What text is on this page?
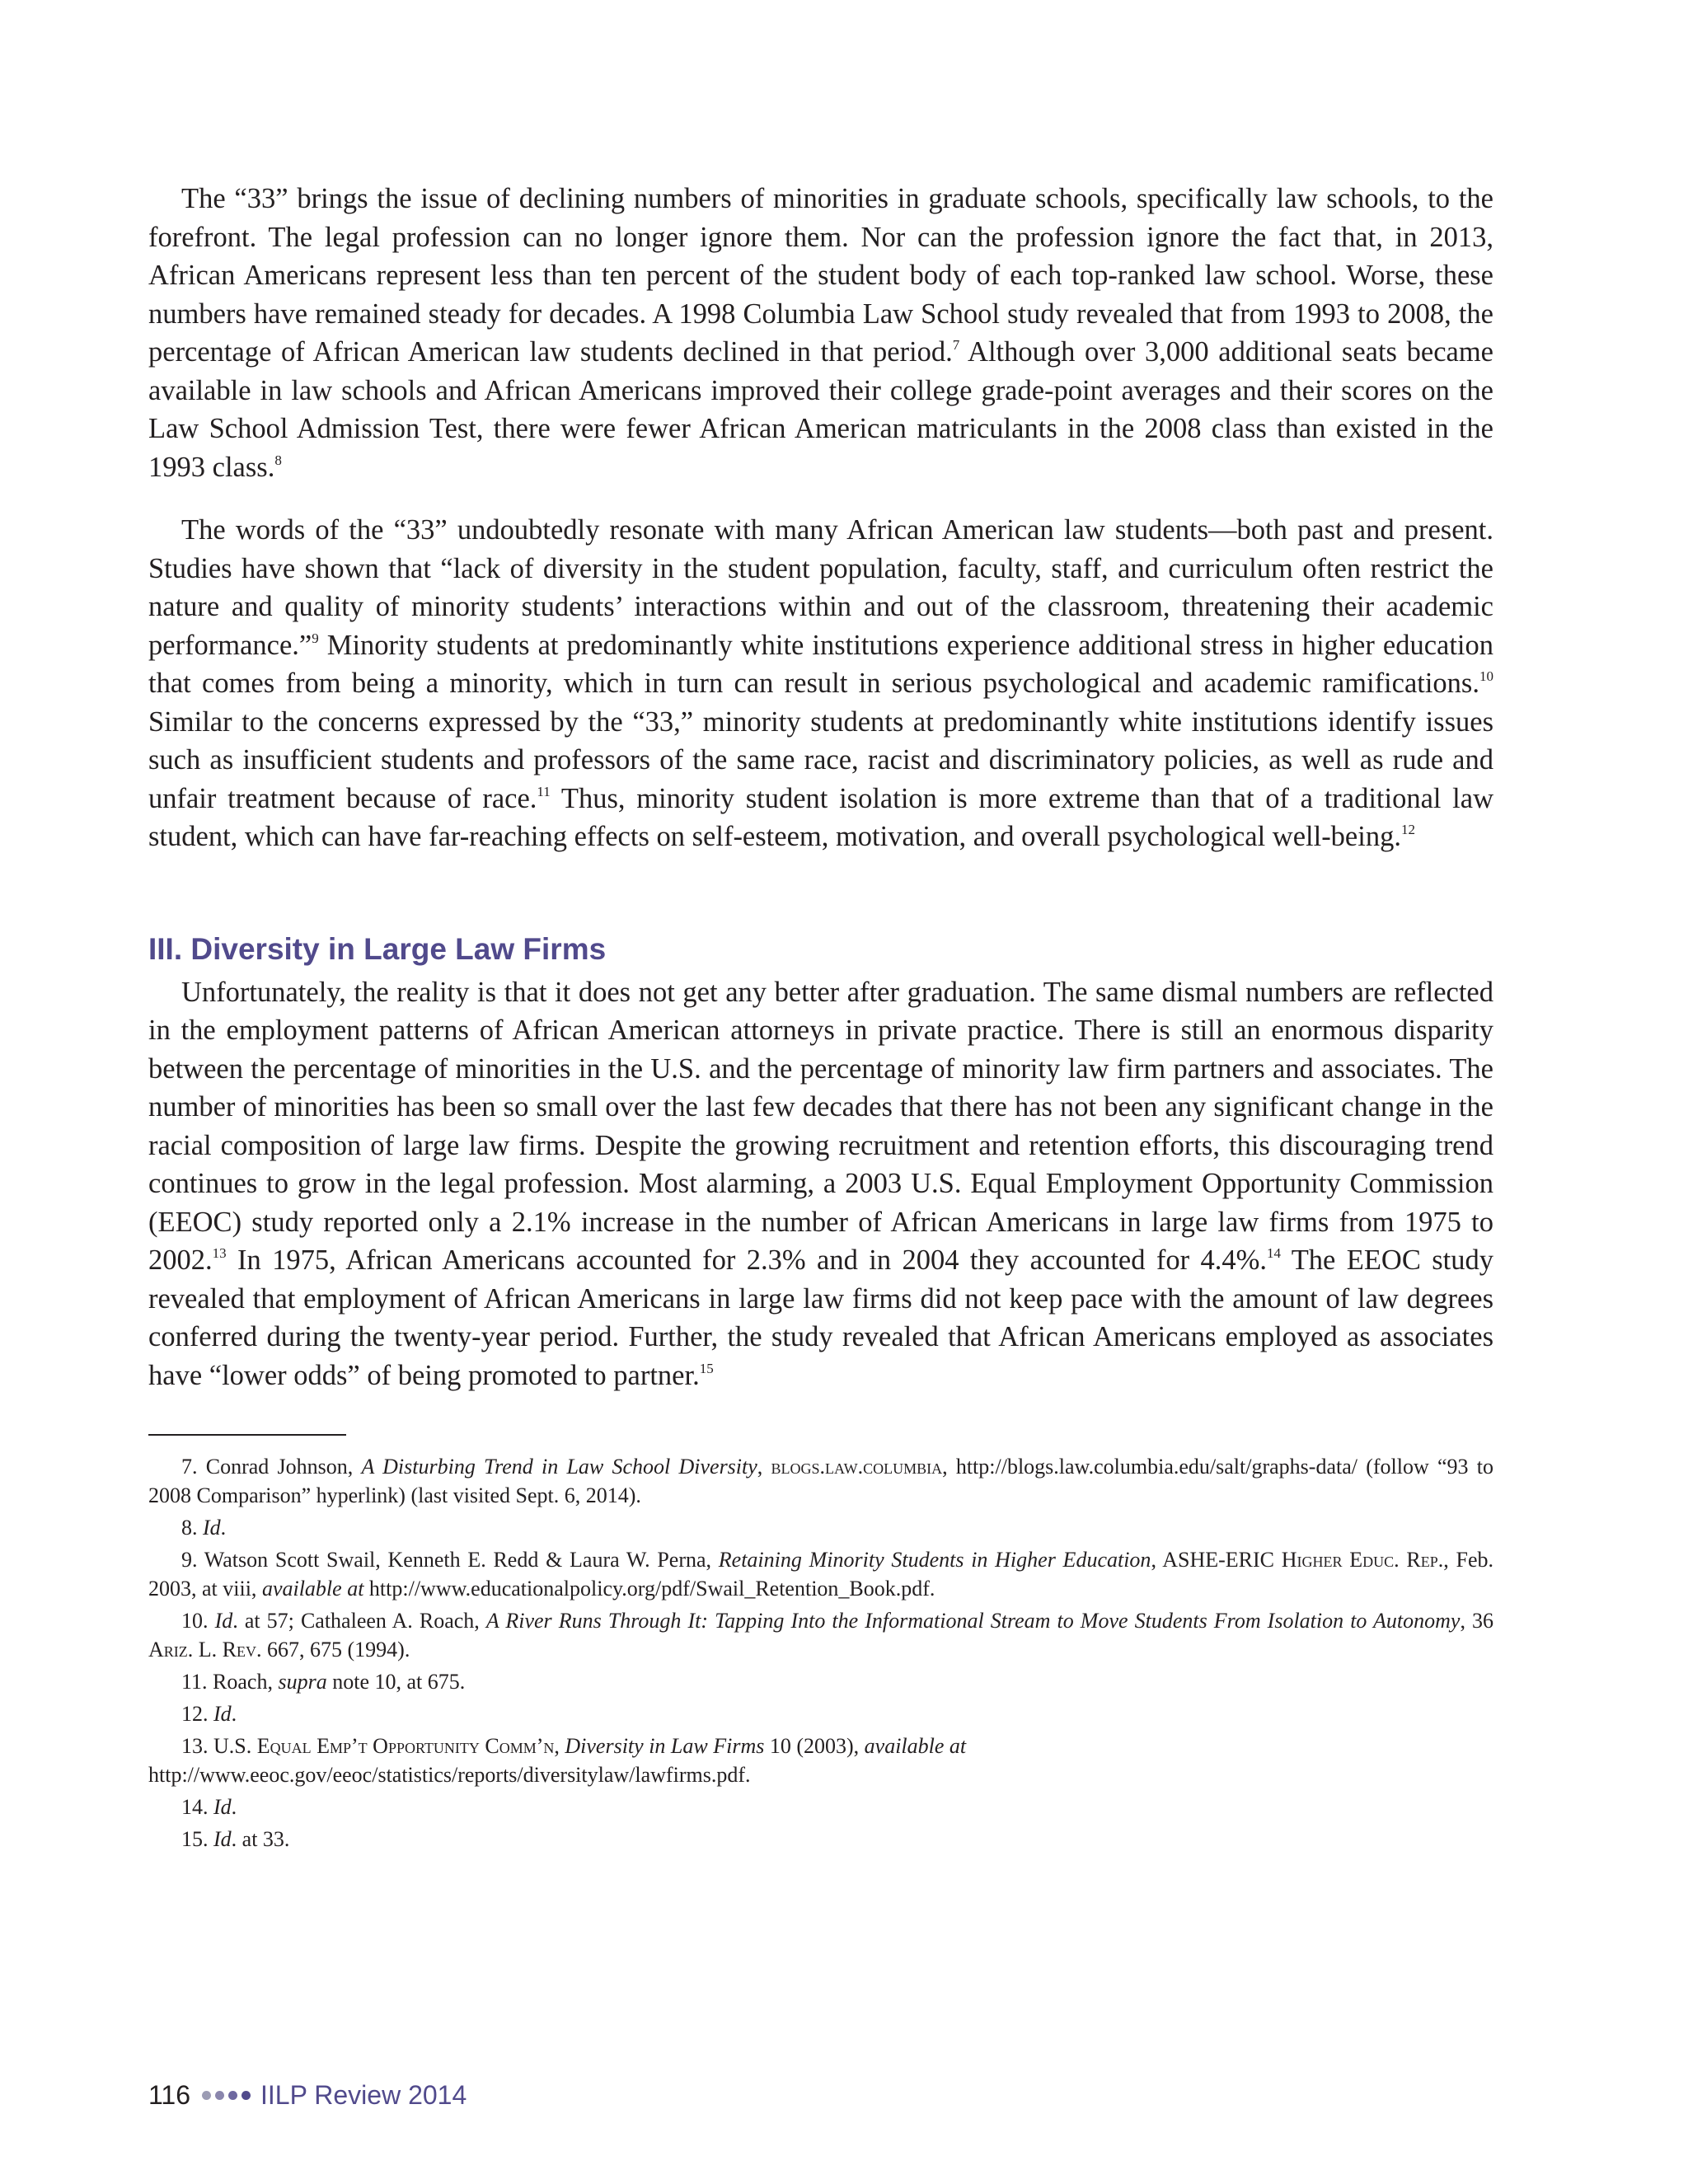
The “33” brings the issue of declining numbers of minorities in graduate schools, specifically law schools, to the forefront. The legal profession can no longer ignore them. Nor can the profession ignore the fact that, in 2013, African Americans represent less than ten percent of the student body of each top-ranked law school. Worse, these numbers have remained steady for decades. A 1998 Columbia Law School study revealed that from 1993 to 2008, the percentage of African American law students declined in that period.$^7$ Although over 3,000 additional seats became available in law schools and African Americans improved their college grade-point averages and their scores on the Law School Admission Test, there were fewer African American matriculants in the 2008 class than existed in the 1993 class.$^8$

The words of the “33” undoubtedly resonate with many African American law students—both past and present. Studies have shown that “lack of diversity in the student population, faculty, staff, and curriculum often restrict the nature and quality of minority students’ interactions within and out of the classroom, threatening their academic performance.”$^9$ Minority students at predominantly white institutions experience additional stress in higher education that comes from being a minority, which in turn can result in serious psychological and academic ramifications.$^{10}$ Similar to the concerns expressed by the “33,” minority students at predominantly white institutions identify issues such as insufficient students and professors of the same race, racist and discriminatory policies, as well as rude and unfair treatment because of race.$^{11}$ Thus, minority student isolation is more extreme than that of a traditional law student, which can have far-reaching effects on self-esteem, motivation, and overall psychological well-being.$^{12}$

III. Diversity in Large Law Firms

Unfortunately, the reality is that it does not get any better after graduation. The same dismal numbers are reflected in the employment patterns of African American attorneys in private practice. There is still an enormous disparity between the percentage of minorities in the U.S. and the percentage of minority law firm partners and associates. The number of minorities has been so small over the last few decades that there has not been any significant change in the racial composition of large law firms. Despite the growing recruitment and retention efforts, this discouraging trend continues to grow in the legal profession. Most alarming, a 2003 U.S. Equal Employment Opportunity Commission (EEOC) study reported only a 2.1% increase in the number of African Americans in large law firms from 1975 to 2002.13 In 1975, African Americans accounted for 2.3% and in 2004 they accounted for 4.4%.$^{14}$ The EEOC study revealed that employment of African Americans in large law firms did not keep pace with the amount of law degrees conferred during the twenty-year period. Further, the study revealed that African Americans employed as associates have “lower odds” of being promoted to partner.$^{15}$

7. Conrad Johnson, A Disturbing Trend in Law School Diversity, blogs.law.columbia, http://blogs.law.columbia.edu/salt/graphs-data/ (follow “93 to 2008 Comparison” hyperlink) (last visited Sept. 6, 2014).

8. Id.

9. Watson Scott Swail, Kenneth E. Redd & Laura W. Perna, Retaining Minority Students in Higher Education, ASHE-ERIC Higher Educ. Rep., Feb. 2003, at viii, available at http://www.educationalpolicy.org/pdf/Swail_Retention_Book.pdf.

10. Id. at 57; Cathaleen A. Roach, A River Runs Through It: Tapping Into the Informational Stream to Move Students From Isolation to Autonomy, 36 Ariz. L. Rev. 667, 675 (1994).

11. Roach, supra note 10, at 675.

12. Id.

13. U.S. Equal Emp’t Opportunity Comm’n, Diversity in Law Firms 10 (2003), available at
http://www.eeoc.gov/eeoc/statistics/reports/diversitylaw/lawfirms.pdf.

14. Id.

15. Id. at 33.

116	IILP Review 2014
